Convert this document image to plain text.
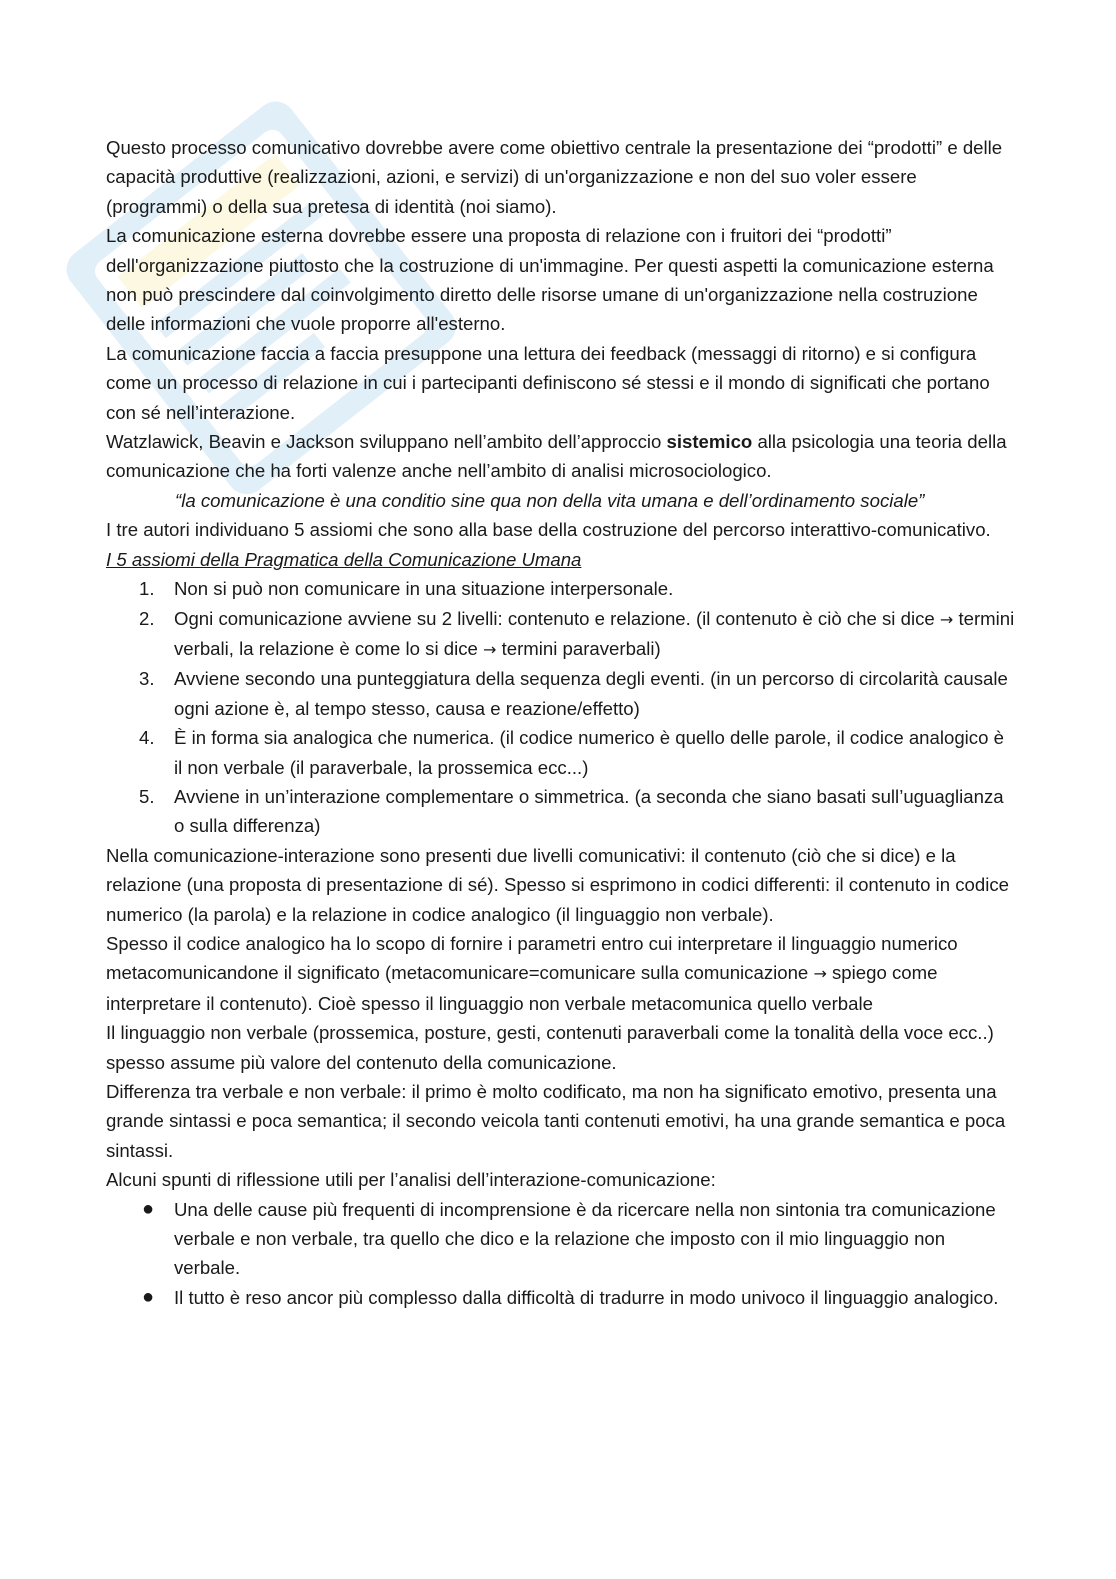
Questo processo comunicativo dovrebbe avere come obiettivo centrale la presentazione dei “prodotti” e delle capacità produttive (realizzazioni, azioni, e servizi) di un'organizzazione e non del suo voler essere (programmi) o della sua pretesa di identità (noi siamo).

La comunicazione esterna dovrebbe essere una proposta di relazione con i fruitori dei “prodotti” dell'organizzazione piuttosto che la costruzione di un'immagine. Per questi aspetti la comunicazione esterna non può prescindere dal coinvolgimento diretto delle risorse umane di un'organizzazione nella costruzione delle informazioni che vuole proporre all'esterno.

La comunicazione faccia a faccia presuppone una lettura dei feedback (messaggi di ritorno) e si configura come un processo di relazione in cui i partecipanti definiscono sé stessi e il mondo di significati che portano con sé nell’interazione.

Watzlawick, Beavin e Jackson sviluppano nell’ambito dell’approccio sistemico alla psicologia una teoria della comunicazione che ha forti valenze anche nell’ambito di analisi microsociologico.

“la comunicazione è una conditio sine qua non della vita umana e dell’ordinamento sociale”

I tre autori individuano 5 assiomi che sono alla base della costruzione del percorso interattivo-comunicativo.

I 5 assiomi della Pragmatica della Comunicazione Umana

1. Non si può non comunicare in una situazione interpersonale.
2. Ogni comunicazione avviene su 2 livelli: contenuto e relazione. (il contenuto è ciò che si dice → termini verbali, la relazione è come lo si dice → termini paraverbali)
3. Avviene secondo una punteggiatura della sequenza degli eventi. (in un percorso di circolarità causale ogni azione è, al tempo stesso, causa e reazione/effetto)
4. È in forma sia analogica che numerica. (il codice numerico è quello delle parole, il codice analogico è il non verbale (il paraverbale, la prossemica ecc...)
5. Avviene in un’interazione complementare o simmetrica. (a seconda che siano basati sull’uguaglianza o sulla differenza)

Nella comunicazione-interazione sono presenti due livelli comunicativi: il contenuto (ciò che si dice) e la relazione (una proposta di presentazione di sé). Spesso si esprimono in codici differenti: il contenuto in codice numerico (la parola) e la relazione in codice analogico (il linguaggio non verbale).

Spesso il codice analogico ha lo scopo di fornire i parametri entro cui interpretare il linguaggio numerico metacomunicandone il significato (metacomunicare=comunicare sulla comunicazione → spiego come interpretare il contenuto). Cioè spesso il linguaggio non verbale metacomunica quello verbale

Il linguaggio non verbale (prossemica, posture, gesti, contenuti paraverbali come la tonalità della voce ecc..) spesso assume più valore del contenuto della comunicazione.

Differenza tra verbale e non verbale: il primo è molto codificato, ma non ha significato emotivo, presenta una grande sintassi e poca semantica; il secondo veicola tanti contenuti emotivi, ha una grande semantica e poca sintassi.

Alcuni spunti di riflessione utili per l’analisi dell’interazione-comunicazione:

● Una delle cause più frequenti di incomprensione è da ricercare nella non sintonia tra comunicazione verbale e non verbale, tra quello che dico e la relazione che imposto con il mio linguaggio non verbale.
● Il tutto è reso ancor più complesso dalla difficoltà di tradurre in modo univoco il linguaggio analogico.
